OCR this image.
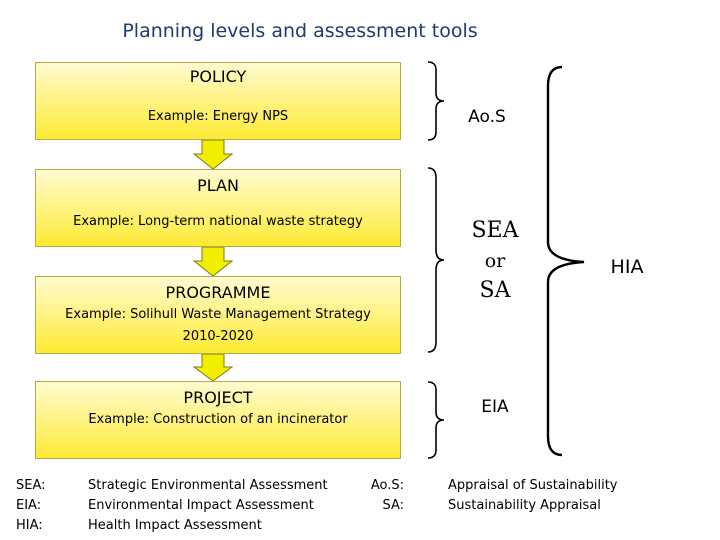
Planning levels and assessment tools
POLICY
Example: Energy NPS
PLAN
Example: Long-term national waste strategy
PROGRAMME
Example: Solihull Waste Management Strategy
2010-2020
PROJECT
Example: Construction of an incinerator
Ao.S
SEA
or
SA
EIA
HIA
SEA:
EIA:
HIA:
Strategic Environmental Assessment
Environmental Impact Assessment
Health Impact Assessment
Ao.S:
SA:
Appraisal of Sustainability
Sustainability Appraisal
